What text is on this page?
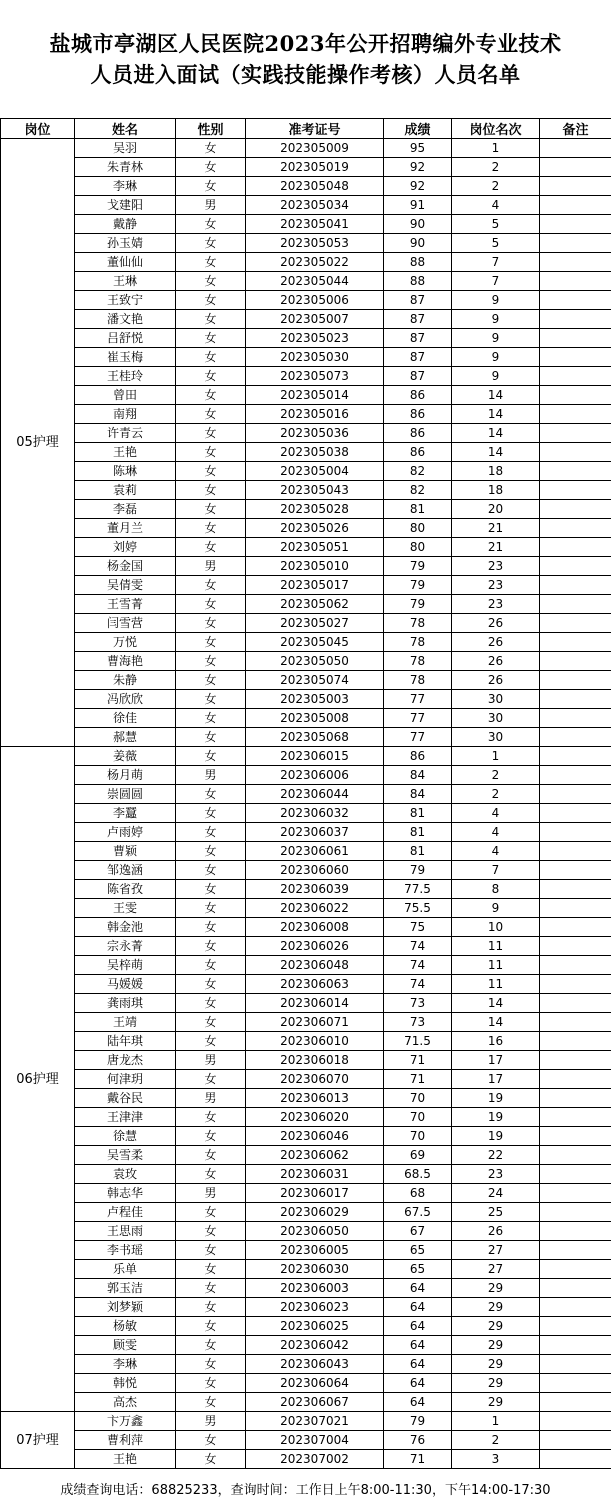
盐城市亭湖区人民医院2023年公开招聘编外专业技术
人员进入面试（实践技能操作考核）人员名单
岗位	姓名	性别	准考证号	成绩	岗位名次	备注
05护理	吴羽	女	202305009	95	1	
	朱青林	女	202305019	92	2	
	李琳	女	202305048	92	2	
	戈建阳	男	202305034	91	4	
	戴静	女	202305041	90	5	
	孙玉婧	女	202305053	90	5	
	董仙仙	女	202305022	88	7	
	王琳	女	202305044	88	7	
	王致宁	女	202305006	87	9	
	潘文艳	女	202305007	87	9	
	吕舒悦	女	202305023	87	9	
	崔玉梅	女	202305030	87	9	
	王桂玲	女	202305073	87	9	
	曾田	女	202305014	86	14	
	南翔	女	202305016	86	14	
	许青云	女	202305036	86	14	
	王艳	女	202305038	86	14	
	陈琳	女	202305004	82	18	
	袁莉	女	202305043	82	18	
	李磊	女	202305028	81	20	
	董月兰	女	202305026	80	21	
	刘婷	女	202305051	80	21	
	杨金国	男	202305010	79	23	
	吴倩雯	女	202305017	79	23	
	王雪菁	女	202305062	79	23	
	闫雪营	女	202305027	78	26	
	万悦	女	202305045	78	26	
	曹海艳	女	202305050	78	26	
	朱静	女	202305074	78	26	
	冯欣欣	女	202305003	77	30	
	徐佳	女	202305008	77	30	
	郝慧	女	202305068	77	30	
06护理	姜薇	女	202306015	86	1	
	杨月萌	男	202306006	84	2	
	崇圆圆	女	202306044	84	2	
	李蠶	女	202306032	81	4	
	卢雨婷	女	202306037	81	4	
	曹颖	女	202306061	81	4	
	邹逸涵	女	202306060	79	7	
	陈省孜	女	202306039	77.5	8	
	王雯	女	202306022	75.5	9	
	韩金池	女	202306008	75	10	
	宗永菁	女	202306026	74	11	
	吴梓萌	女	202306048	74	11	
	马媛媛	女	202306063	74	11	
	龚雨琪	女	202306014	73	14	
	王靖	女	202306071	73	14	
	陆年琪	女	202306010	71.5	16	
	唐龙杰	男	202306018	71	17	
	何津玥	女	202306070	71	17	
	戴谷民	男	202306013	70	19	
	王津津	女	202306020	70	19	
	徐慧	女	202306046	70	19	
	吴雪柔	女	202306062	69	22	
	袁玫	女	202306031	68.5	23	
	韩志华	男	202306017	68	24	
	卢程佳	女	202306029	67.5	25	
	王思雨	女	202306050	67	26	
	李书瑶	女	202306005	65	27	
	乐单	女	202306030	65	27	
	郭玉洁	女	202306003	64	29	
	刘梦颖	女	202306023	64	29	
	杨敏	女	202306025	64	29	
	顾雯	女	202306042	64	29	
	李琳	女	202306043	64	29	
	韩悦	女	202306064	64	29	
	高杰	女	202306067	64	29	
07护理	卞万鑫	男	202307021	79	1	
	曹利萍	女	202307004	76	2	
	王艳	女	202307002	71	3	
成绩查询电话：68825233，查询时间：工作日上午8:00-11:30，下午14:00-17:30
